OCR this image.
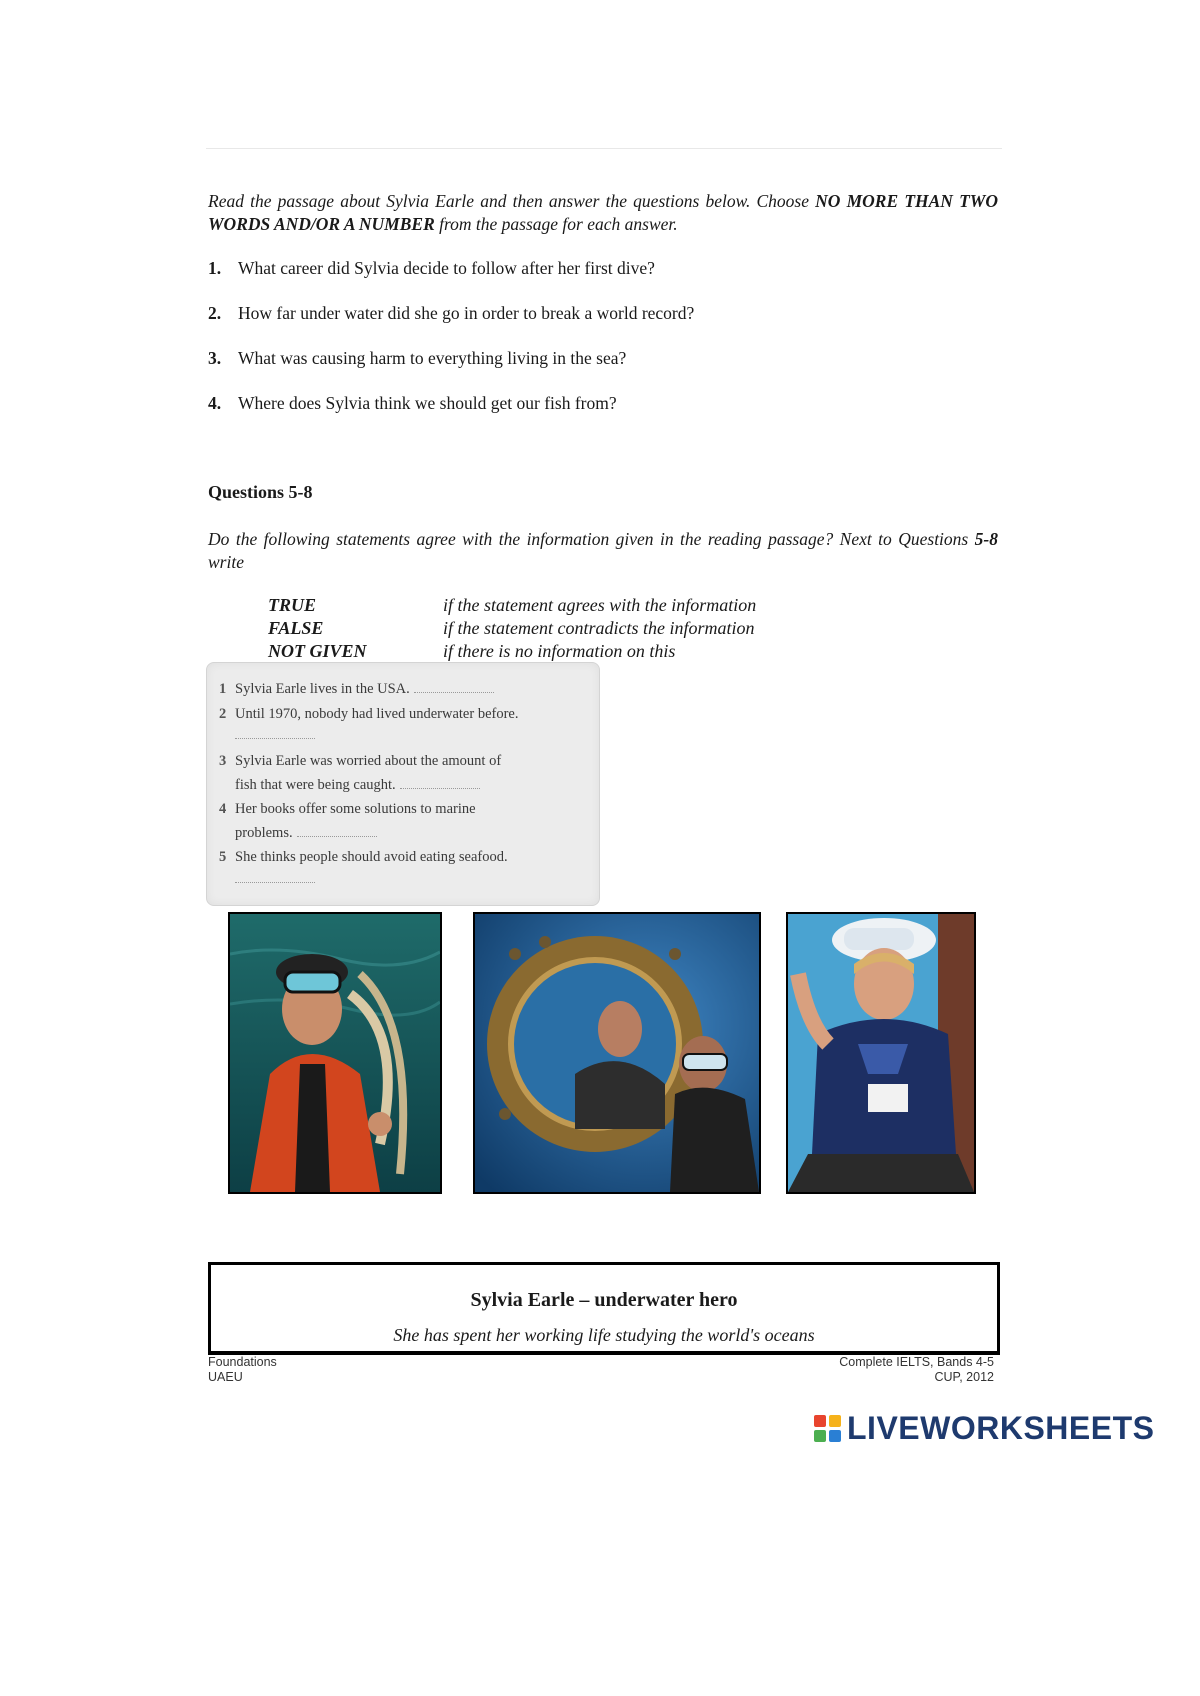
Read the passage about Sylvia Earle and then answer the questions below. Choose NO MORE THAN TWO WORDS AND/OR A NUMBER from the passage for each answer.
1. What career did Sylvia decide to follow after her first dive?
2. How far under water did she go in order to break a world record?
3. What was causing harm to everything living in the sea?
4. Where does Sylvia think we should get our fish from?
Questions 5-8
Do the following statements agree with the information given in the reading passage? Next to Questions 5-8 write
TRUE	if the statement agrees with the information
FALSE	if the statement contradicts the information
NOT GIVEN	if there is no information on this
1 Sylvia Earle lives in the USA.
2 Until 1970, nobody had lived underwater before.
3 Sylvia Earle was worried about the amount of
fish that were being caught.
4 Her books offer some solutions to marine
problems.
5 She thinks people should avoid eating seafood.
Sylvia Earle – underwater hero
She has spent her working life studying the world's oceans
Foundations
UAEU
Complete IELTS, Bands 4-5
CUP, 2012
LIVEWORKSHEETS
